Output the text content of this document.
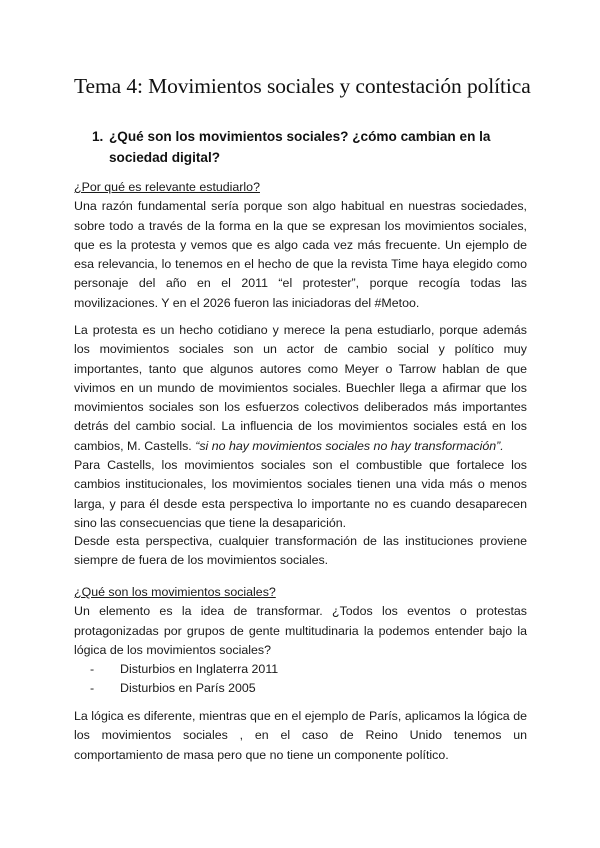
Tema 4: Movimientos sociales y contestación política
1. ¿Qué son los movimientos sociales? ¿cómo cambian en la sociedad digital?

¿Por qué es relevante estudiarlo?

Una razón fundamental sería porque son algo habitual en nuestras sociedades, sobre todo a través de la forma en la que se expresan los movimientos sociales, que es la protesta y vemos que es algo cada vez más frecuente. Un ejemplo de esa relevancia, lo tenemos en el hecho de que la revista Time haya elegido como personaje del año en el 2011 “el protester”, porque recogía todas las movilizaciones. Y en el 2026 fueron las iniciadoras del #Metoo.

La protesta es un hecho cotidiano y merece la pena estudiarlo, porque además los movimientos sociales son un actor de cambio social y político muy importantes, tanto que algunos autores como Meyer o Tarrow hablan de que vivimos en un mundo de movimientos sociales. Buechler llega a afirmar que los movimientos sociales son los esfuerzos colectivos deliberados más importantes detrás del cambio social. La influencia de los movimientos sociales está en los cambios, M. Castells. “si no hay movimientos sociales no hay transformación”.

Para Castells, los movimientos sociales son el combustible que fortalece los cambios institucionales, los movimientos sociales tienen una vida más o menos larga, y para él desde esta perspectiva lo importante no es cuando desaparecen sino las consecuencias que tiene la desaparición.

Desde esta perspectiva, cualquier transformación de las instituciones proviene siempre de fuera de los movimientos sociales.

¿Qué son los movimientos sociales?

Un elemento es la idea de transformar. ¿Todos los eventos o protestas protagonizadas por grupos de gente multitudinaria la podemos entender bajo la lógica de los movimientos sociales?

-	Disturbios en Inglaterra 2011
-	Disturbios en París 2005

La lógica es diferente, mientras que en el ejemplo de París, aplicamos la lógica de los movimientos sociales , en el caso de Reino Unido tenemos un comportamiento de masa pero que no tiene un componente político.
